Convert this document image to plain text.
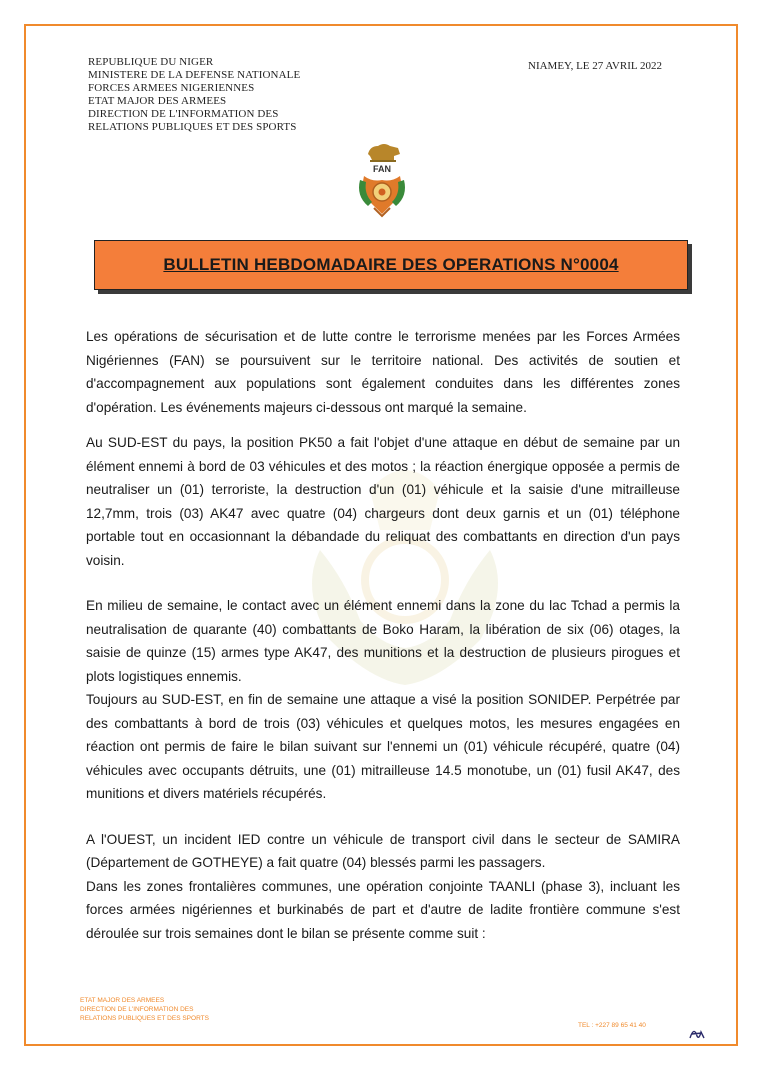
REPUBLIQUE DU NIGER
MINISTERE DE LA DEFENSE NATIONALE
FORCES ARMEES NIGERIENNES
ETAT MAJOR DES ARMEES
DIRECTION DE L'INFORMATION DES
RELATIONS PUBLIQUES ET DES SPORTS
NIAMEY, LE 27 AVRIL 2022
FAN
BULLETIN HEBDOMADAIRE DES OPERATIONS N°0004

Les opérations de sécurisation et de lutte contre le terrorisme menées par les Forces Armées Nigériennes (FAN) se poursuivent sur le territoire national. Des activités de soutien et d'accompagnement aux populations sont également conduites dans les différentes zones d'opération. Les événements majeurs ci-dessous ont marqué la semaine.

Au SUD-EST du pays, la position PK50 a fait l'objet d'une attaque en début de semaine par un élément ennemi à bord de 03 véhicules et des motos ; la réaction énergique opposée a permis de neutraliser un (01) terroriste, la destruction d'un (01) véhicule et la saisie d'une mitrailleuse 12,7mm, trois (03) AK47 avec quatre (04) chargeurs dont deux garnis et un (01) téléphone portable tout en occasionnant la débandade du reliquat des combattants en direction d'un pays voisin.

En milieu de semaine, le contact avec un élément ennemi dans la zone du lac Tchad a permis la neutralisation de quarante (40) combattants de Boko Haram, la libération de six (06) otages, la saisie de quinze (15) armes type AK47, des munitions et la destruction de plusieurs pirogues et plots logistiques ennemis.

Toujours au SUD-EST, en fin de semaine une attaque a visé la position SONIDEP. Perpétrée par des combattants à bord de trois (03) véhicules et quelques motos, les mesures engagées en réaction ont permis de faire le bilan suivant sur l'ennemi un (01) véhicule récupéré, quatre (04) véhicules avec occupants détruits, une (01) mitrailleuse 14.5 monotube, un (01) fusil AK47, des munitions et divers matériels récupérés.

A l'OUEST, un incident IED contre un véhicule de transport civil dans le secteur de SAMIRA (Département de GOTHEYE) a fait quatre (04) blessés parmi les passagers.

Dans les zones frontalières communes, une opération conjointe TAANLI (phase 3), incluant les forces armées nigériennes et burkinabés de part et d'autre de ladite frontière commune s'est déroulée sur trois semaines dont le bilan se présente comme suit :

ETAT MAJOR DES ARMEES
DIRECTION DE L'INFORMATION DES
RELATIONS PUBLIQUES ET DES SPORTS
TEL : +227 89 65 41 40
